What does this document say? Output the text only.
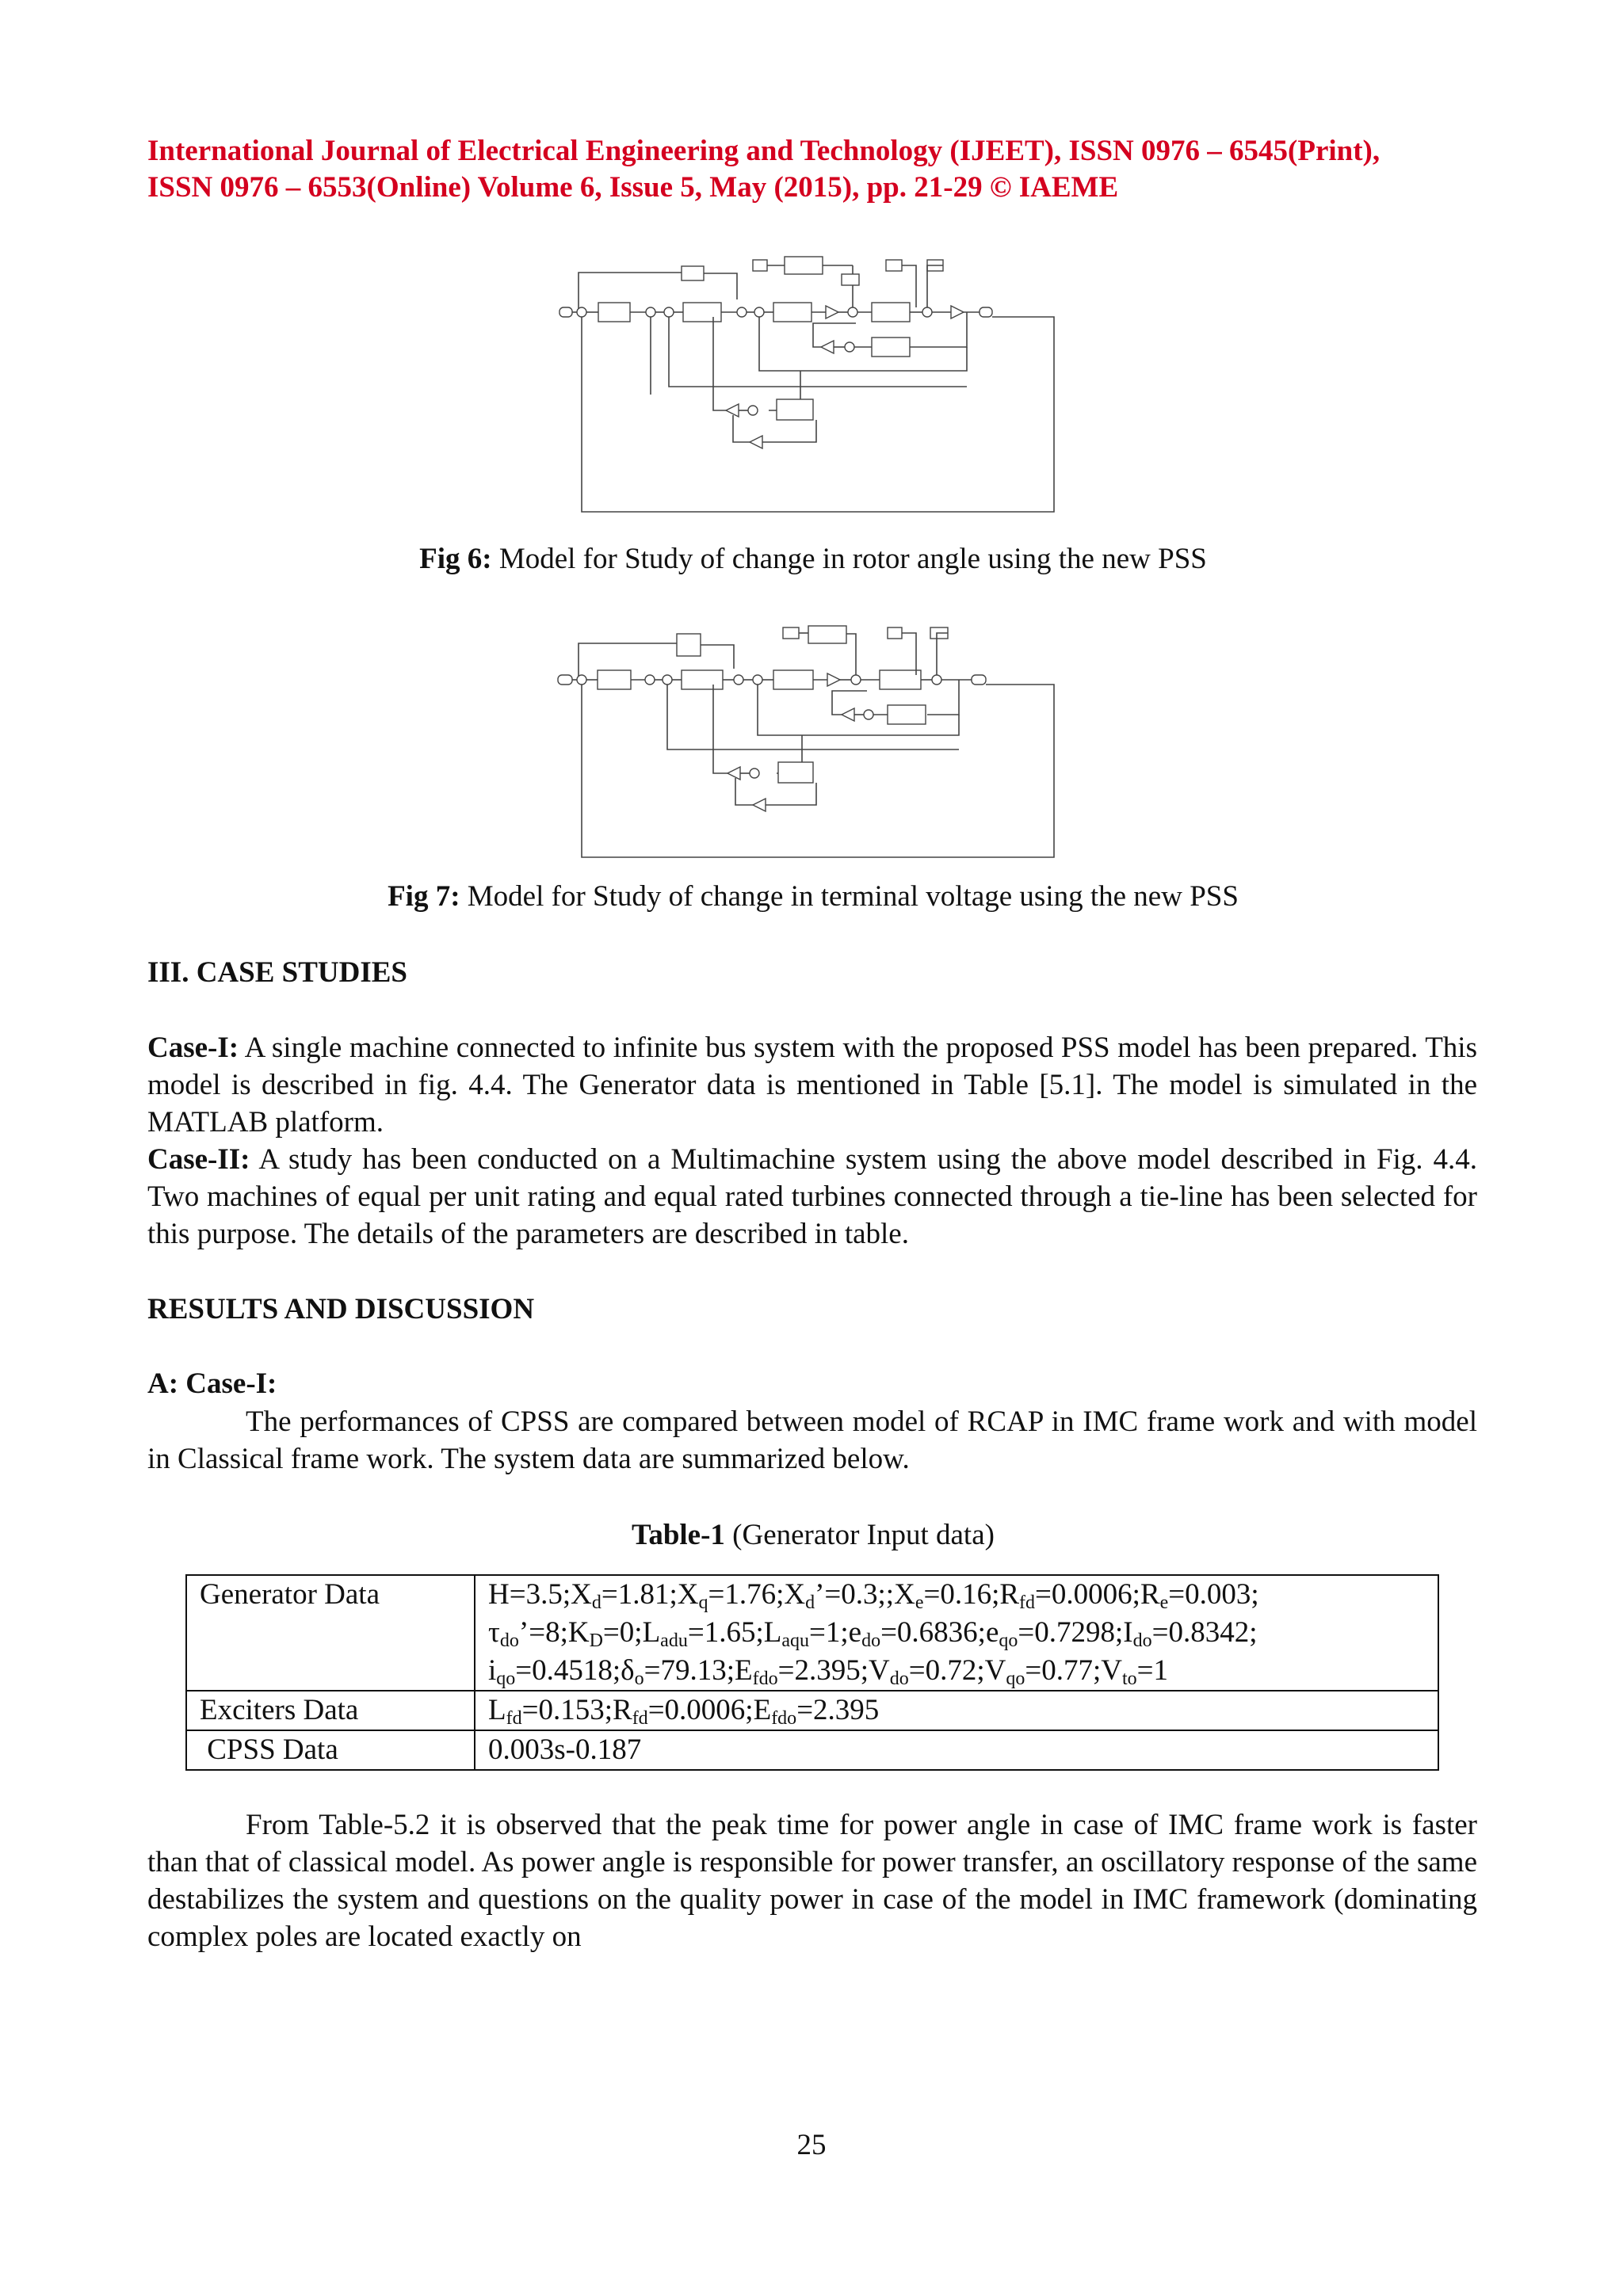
International Journal of Electrical Engineering and Technology (IJEET), ISSN 0976 – 6545(Print),
ISSN 0976 – 6553(Online) Volume 6, Issue 5, May (2015), pp. 21-29 © IAEME
Fig 6: Model for Study of change in rotor angle using the new PSS
Fig 7: Model for Study of change in terminal voltage using the new PSS
III. CASE STUDIES
Case-I: A single machine connected to infinite bus system with the proposed PSS model has been prepared. This model is described in fig. 4.4. The Generator data is mentioned in Table [5.1]. The model is simulated in the MATLAB platform.
Case-II: A study has been conducted on a Multimachine system using the above model described in Fig. 4.4. Two machines of equal per unit rating and equal rated turbines connected through a tie-line has been selected for this purpose. The details of the parameters are described in table.
RESULTS AND DISCUSSION
A: Case-I:
The performances of CPSS are compared between model of RCAP in IMC frame work and with model in Classical frame work. The system data are summarized below.
Table-1 (Generator Input data)
Generator Data	$H=3.5;X_d=1.81;X_q=1.76;X_d’=0.3;;X_e=0.16;R_{fd}=0.0006;R_e=0.003$;
$\tau_{do}’=8;K_D=0;L_{adu}=1.65;L_{aqu}=1;e_{do}=0.6836;e_{qo}=0.7298;I_{do}=0.8342$;
$i_{qo}=0.4518;\delta_o=79.13;E_{fdo}=2.395;V_{do}=0.72;V_{qo}=0.77;V_{to}=1$
Exciters Data	$L_{fd}=0.153;R_{fd}=0.0006;E_{fdo}=2.395$
CPSS Data	0.003s-0.187
From Table-5.2 it is observed that the peak time for power angle in case of IMC frame work is faster than that of classical model. As power angle is responsible for power transfer, an oscillatory response of the same destabilizes the system and questions on the quality power in case of the model in IMC framework (dominating complex poles are located exactly on
25
